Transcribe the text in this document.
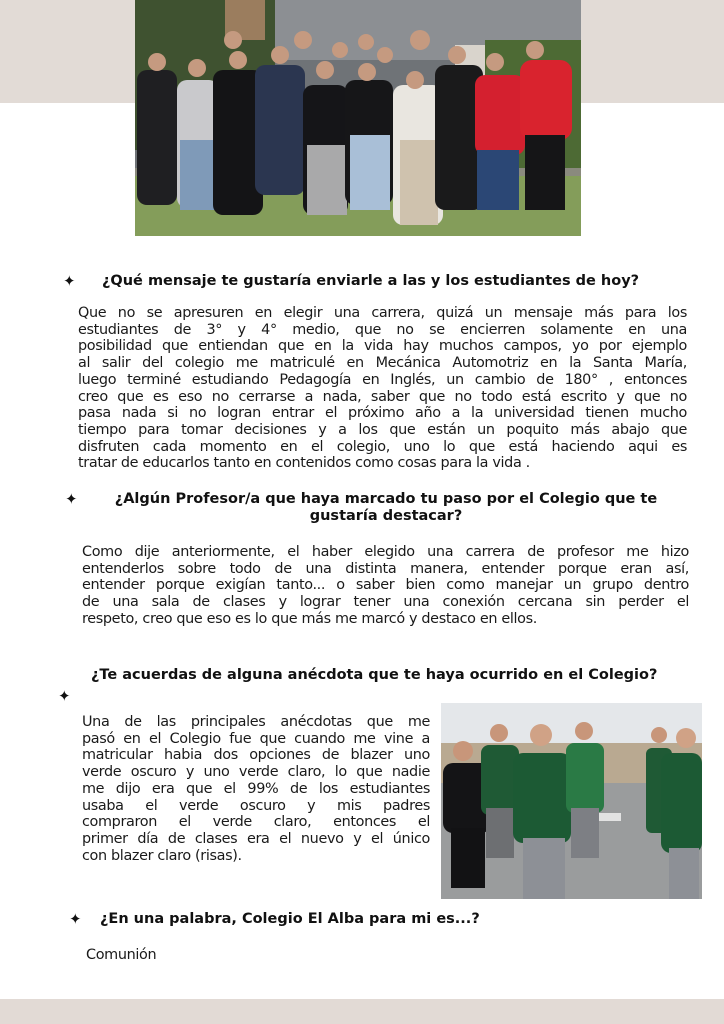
✦ ¿Qué mensaje te gustaría enviarle a las y los estudiantes de hoy?
Que no se apresuren en elegir una carrera, quizá un mensaje más para los
estudiantes de 3° y 4° medio, que no se encierren solamente en una
posibilidad que entiendan que en la vida hay muchos campos, yo por ejemplo
al salir del colegio me matriculé en Mecánica Automotriz en la Santa María,
luego terminé estudiando Pedagogía en Inglés, un cambio de 180° , entonces
creo que es eso no cerrarse a nada, saber que no todo está escrito y que no
pasa nada si no logran entrar el próximo año a la universidad tienen mucho
tiempo para tomar decisiones y a los que están un poquito más abajo que
disfruten cada momento en el colegio, uno lo que está haciendo aqui es
tratar de educarlos tanto en contenidos como cosas para la vida .
✦	¿Algún Profesor/a que haya marcado tu paso por el Colegio que te
gustaría destacar?
Como dije anteriormente, el haber elegido una carrera de profesor me hizo
entenderlos sobre todo de una distinta manera, entender porque eran así,
entender porque exigían tanto... o saber bien como manejar un grupo dentro
de una sala de clases y lograr tener una conexión cercana sin perder el
respeto, creo que eso es lo que más me marcó y destaco en ellos.
¿Te acuerdas de alguna anécdota que te haya ocurrido en el Colegio?
✦
Una de las principales anécdotas que me
pasó en el Colegio fue que cuando me vine a
matricular habia dos opciones de blazer uno
verde oscuro y uno verde claro, lo que nadie
me dijo era que el 99% de los estudiantes
usaba el verde oscuro y mis padres
compraron el verde claro, entonces el
primer día de clases era el nuevo y el único
con blazer claro (risas).
✦ ¿En una palabra, Colegio El Alba para mi es...?
Comunión
